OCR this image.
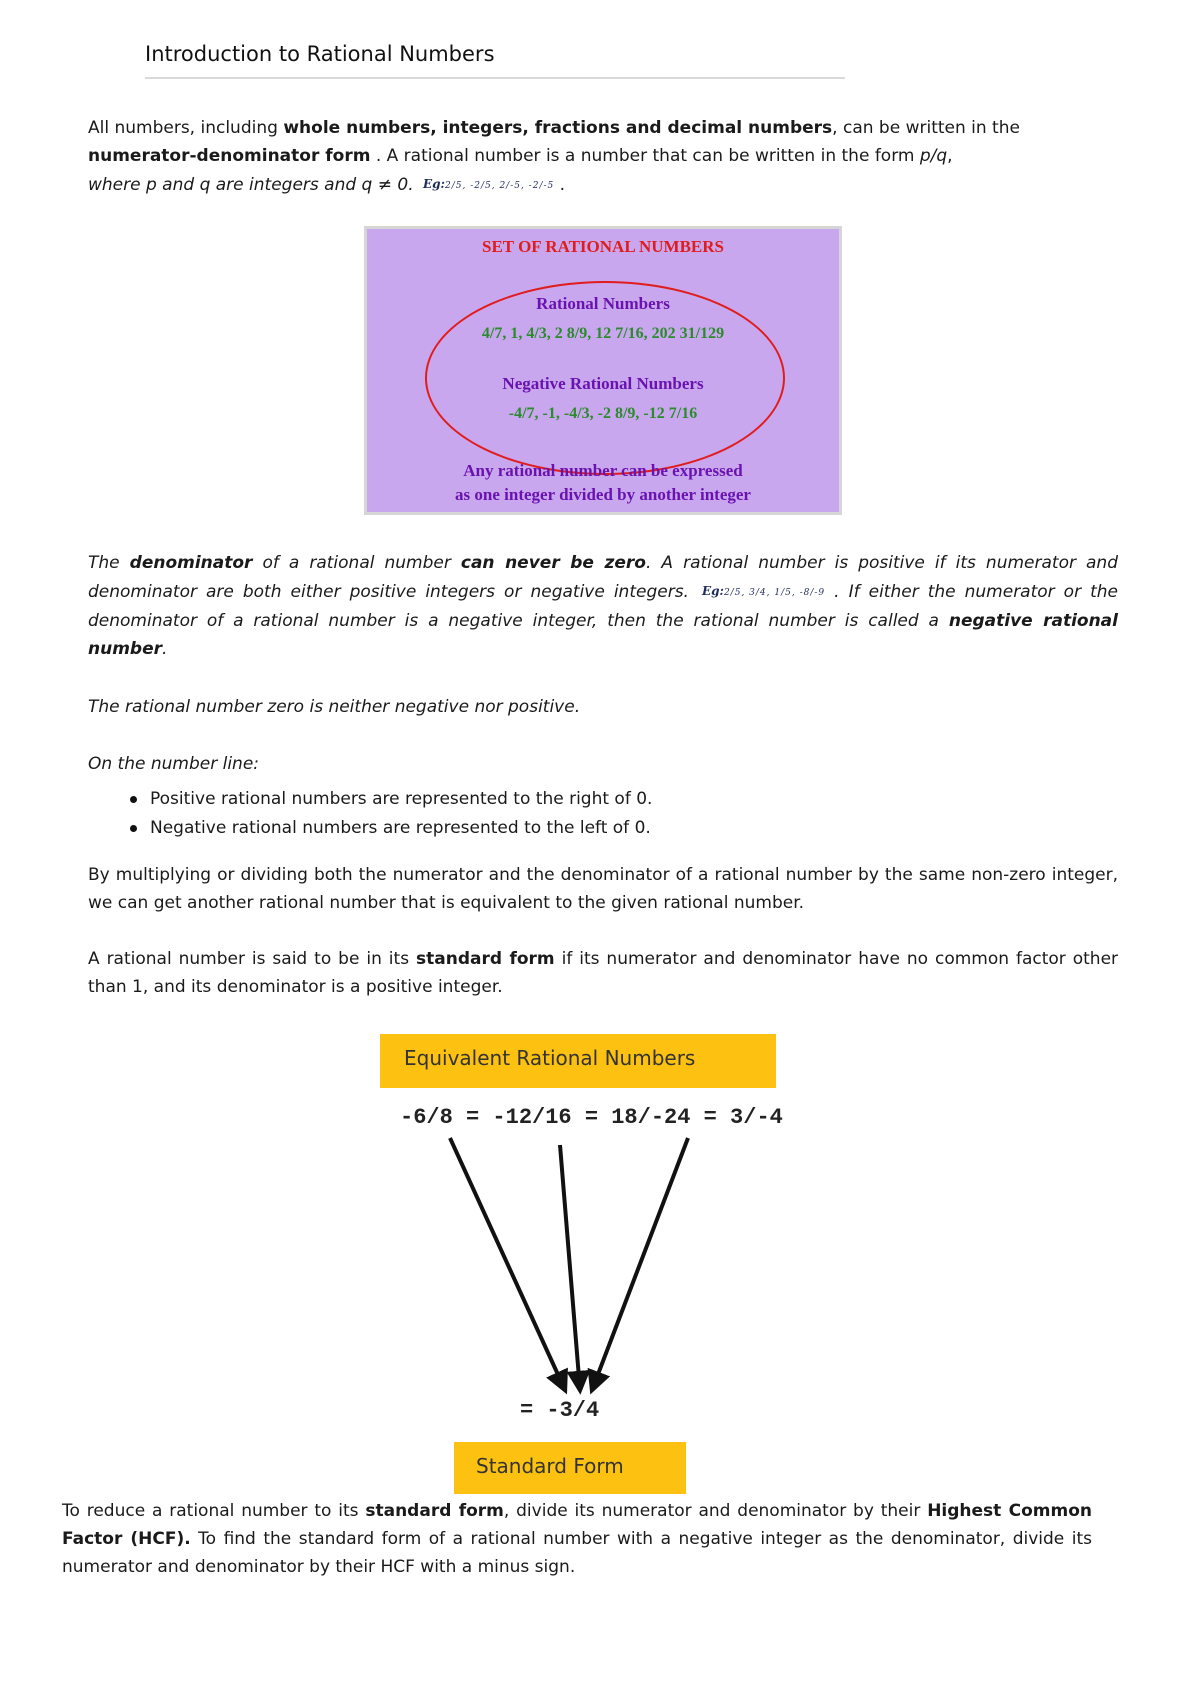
Introduction to Rational Numbers

All numbers, including whole numbers, integers, fractions and decimal numbers, can be written in the numerator-denominator form . A rational number is a number that can be written in the form p/q,
where p and q are integers and q ≠ 0. Eg:2/5, -2/5, 2/-5, -2/-5 .

SET OF RATIONAL NUMBERS
Rational Numbers
4/7, 1, 4/3, 2 8/9, 12 7/16, 202 31/129
Negative Rational Numbers
-4/7, -1, -4/3, -2 8/9, -12 7/16
Any rational number can be expressed
as one integer divided by another integer

The denominator of a rational number can never be zero. A rational number is positive if its numerator and denominator are both either positive integers or negative integers. Eg:2/5, 3/4, 1/5, -8/-9 . If either the numerator or the denominator of a rational number is a negative integer, then the rational number is called a negative rational number.

The rational number zero is neither negative nor positive.

On the number line:

Positive rational numbers are represented to the right of 0.
Negative rational numbers are represented to the left of 0.

By multiplying or dividing both the numerator and the denominator of a rational number by the same non-zero integer, we can get another rational number that is equivalent to the given rational number.

A rational number is said to be in its standard form if its numerator and denominator have no common factor other than 1, and its denominator is a positive integer.

Equivalent Rational Numbers
-6/8 = -12/16 = 18/-24 = 3/-4
= -3/4
Standard Form

To reduce a rational number to its standard form, divide its numerator and denominator by their Highest Common Factor (HCF). To find the standard form of a rational number with a negative integer as the denominator, divide its numerator and denominator by their HCF with a minus sign.
